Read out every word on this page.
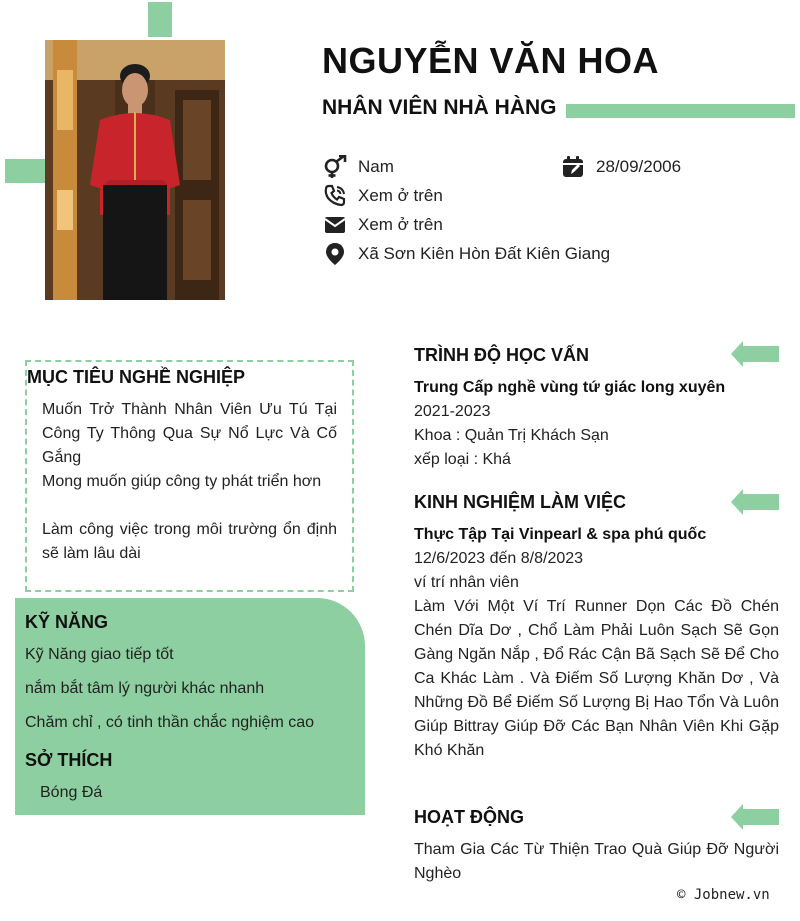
NGUYỄN VĂN HOA
NHÂN VIÊN NHÀ HÀNG
Nam	28/09/2006
Xem ở trên
Xem ở trên
Xã Sơn Kiên Hòn Đất Kiên Giang
MỤC TIÊU NGHỀ NGHIỆP
Muốn Trở Thành Nhân Viên Ưu Tú Tại Công Ty Thông Qua Sự Nổ Lực Và Cố Gắng
Mong muốn giúp công ty phát triển hơn
Làm công việc trong môi trường ổn định sẽ làm lâu dài
KỸ NĂNG
Kỹ Năng giao tiếp tốt
nắm bắt tâm lý người khác nhanh
Chăm chỉ , có tinh thần chắc nghiệm cao
SỞ THÍCH
Bóng Đá
TRÌNH ĐỘ HỌC VẤN
Trung Cấp nghề vùng tứ giác long xuyên
2021-2023
Khoa : Quản Trị Khách Sạn
xếp loại : Khá
KINH NGHIỆM LÀM VIỆC
Thực Tập Tại Vinpearl & spa phú quốc
12/6/2023 đến 8/8/2023
ví trí nhân viên
Làm Với Một Ví Trí Runner Dọn Các Đồ Chén Chén Dĩa Dơ , Chổ Làm Phải Luôn Sạch Sẽ Gọn Gàng Ngăn Nắp , Đổ Rác Cận Bã Sạch Sẽ Để Cho Ca Khác Làm . Và Điếm Số Lượng Khăn Dơ , Và Những Đồ Bể Điếm Số Lượng Bị Hao Tổn Và Luôn Giúp Bittray Giúp Đỡ Các Bạn Nhân Viên Khi Gặp Khó Khăn
HOẠT ĐỘNG
Tham Gia Các Từ Thiện Trao Quà Giúp Đỡ Người Nghèo
© Jobnew.vn
